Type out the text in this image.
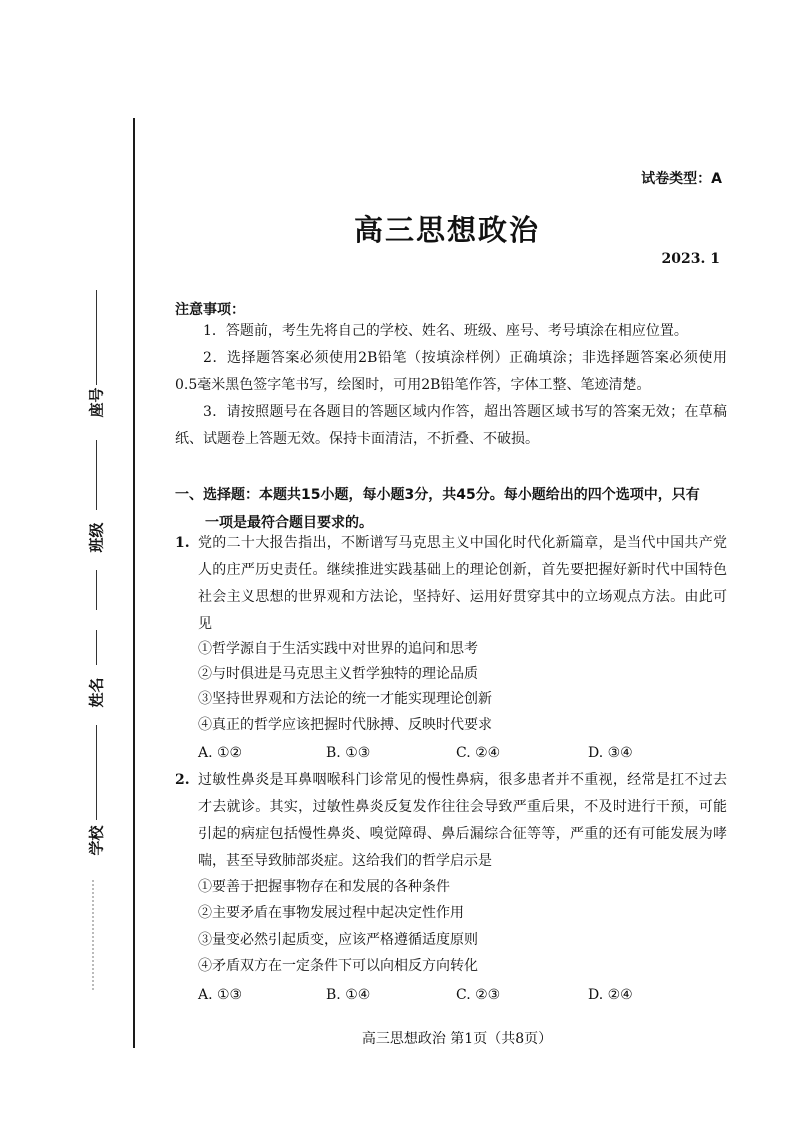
座号
班级
姓名
学校
试卷类型：A
高三思想政治
2023. 1
注意事项：
1．答题前，考生先将自己的学校、姓名、班级、座号、考号填涂在相应位置。
2．选择题答案必须使用2B铅笔（按填涂样例）正确填涂；非选择题答案必须使用0.5毫米黑色签字笔书写，绘图时，可用2B铅笔作答，字体工整、笔迹清楚。
3．请按照题号在各题目的答题区域内作答，超出答题区域书写的答案无效；在草稿纸、试题卷上答题无效。保持卡面清洁，不折叠、不破损。
一、选择题：本题共15小题，每小题3分，共45分。每小题给出的四个选项中，只有
一项是最符合题目要求的。
1. 党的二十大报告指出，不断谱写马克思主义中国化时代化新篇章，是当代中国共产党人的庄严历史责任。继续推进实践基础上的理论创新，首先要把握好新时代中国特色社会主义思想的世界观和方法论，坚持好、运用好贯穿其中的立场观点方法。由此可见
①哲学源自于生活实践中对世界的追问和思考
②与时俱进是马克思主义哲学独特的理论品质
③坚持世界观和方法论的统一才能实现理论创新
④真正的哲学应该把握时代脉搏、反映时代要求
A. ①②	B. ①③	C. ②④	D. ③④
2. 过敏性鼻炎是耳鼻咽喉科门诊常见的慢性鼻病，很多患者并不重视，经常是扛不过去才去就诊。其实，过敏性鼻炎反复发作往往会导致严重后果，不及时进行干预，可能引起的病症包括慢性鼻炎、嗅觉障碍、鼻后漏综合征等等，严重的还有可能发展为哮喘，甚至导致肺部炎症。这给我们的哲学启示是
①要善于把握事物存在和发展的各种条件
②主要矛盾在事物发展过程中起决定性作用
③量变必然引起质变，应该严格遵循适度原则
④矛盾双方在一定条件下可以向相反方向转化
A. ①③	B. ①④	C. ②③	D. ②④
高三思想政治 第1页（共8页）
